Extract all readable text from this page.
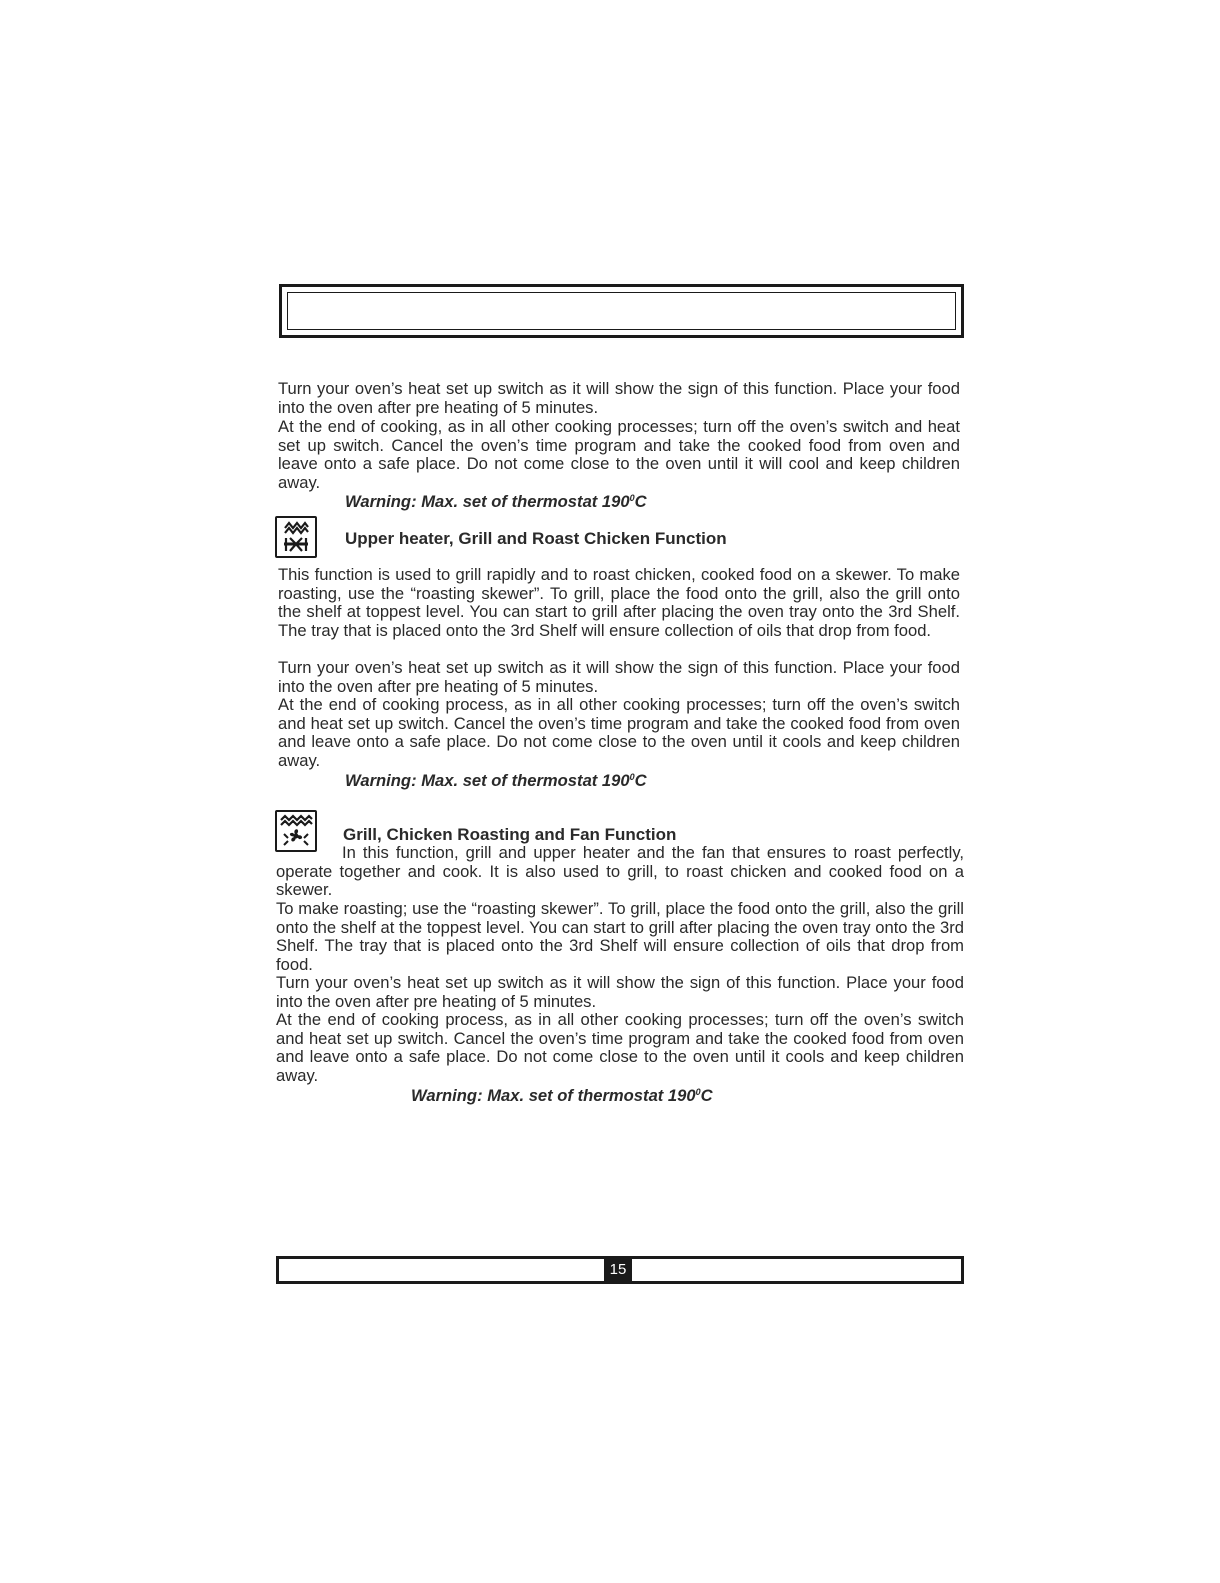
Turn your oven’s heat set up switch as it will show the sign of this function. Place your food into the oven after pre heating of 5 minutes.

At the end of cooking, as in all other cooking processes; turn off the oven’s switch and heat set up switch. Cancel the oven’s time program and take the cooked food from oven and leave onto a safe place. Do not come close to the oven until it will cool and keep children away.

Warning: Max. set of thermostat $190^0C$

Upper heater, Grill and Roast Chicken Function

This function is used to grill rapidly and to roast chicken, cooked food on a skewer. To make roasting, use the “roasting skewer”. To grill, place the food onto the grill, also the grill onto the shelf at toppest level. You can start to grill after placing the oven tray onto the 3rd Shelf. The tray that is placed onto the 3rd Shelf will ensure collection of oils that drop from food.

Turn your oven’s heat set up switch as it will show the sign of this function. Place your food into the oven after pre heating of 5 minutes.

At the end of cooking process, as in all other cooking processes; turn off the oven’s switch and heat set up switch. Cancel the oven’s time program and take the cooked food from oven and leave onto a safe place. Do not come close to the oven until it cools and keep children away.

Warning: Max. set of thermostat $190^0C$

Grill, Chicken Roasting and Fan Function

In this function, grill and upper heater and the fan that ensures to roast perfectly, operate together and cook. It is also used to grill, to roast chicken and cooked food on a skewer.

To make roasting; use the “roasting skewer”. To grill, place the food onto the grill, also the grill onto the shelf at the toppest level. You can start to grill after placing the oven tray onto the 3rd Shelf. The tray that is placed onto the 3rd Shelf will ensure collection of oils that drop from food.

Turn your oven’s heat set up switch as it will show the sign of this function. Place your food into the oven after pre heating of 5 minutes.

At the end of cooking process, as in all other cooking processes; turn off the oven’s switch and heat set up switch. Cancel the oven’s time program and take the cooked food from oven and leave onto a safe place. Do not come close to the oven until it cools and keep children away.

Warning: Max. set of thermostat $190^0C$

15
